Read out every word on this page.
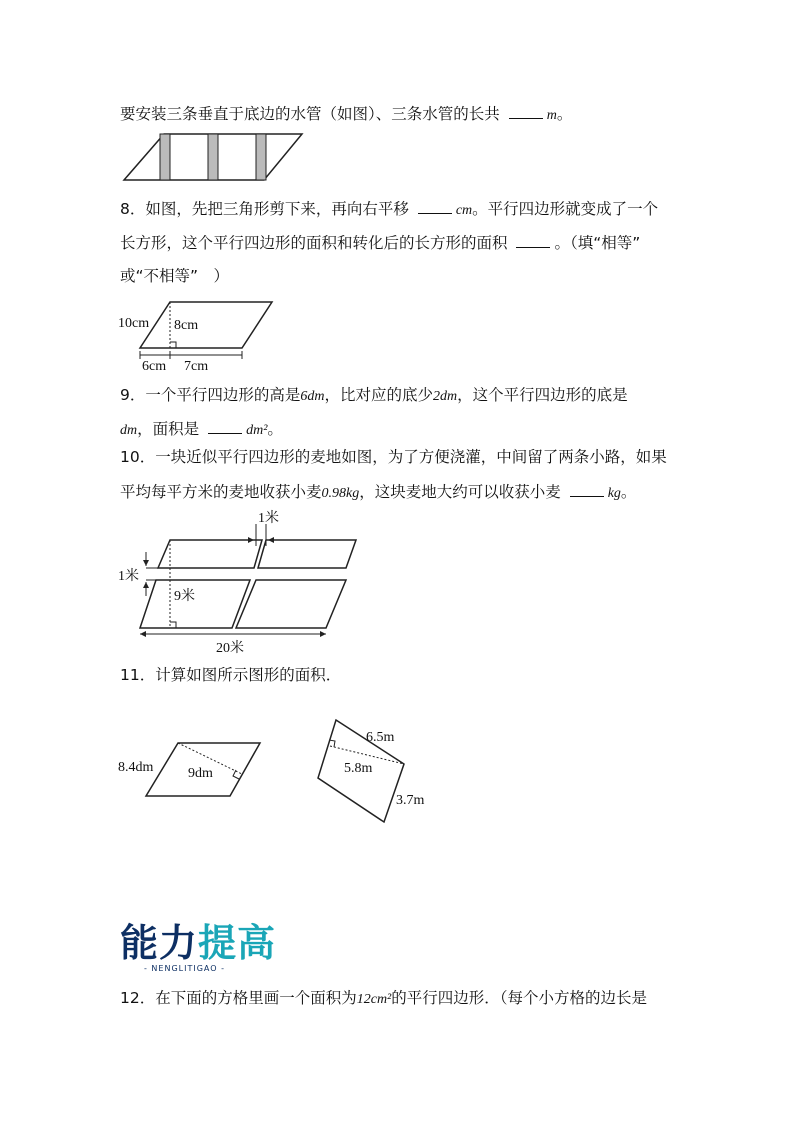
要安装三条垂直于底边的水管（如图）、三条水管的长共	m。
8．如图，先把三角形剪下来，再向右平移	cm。平行四边形就变成了一个
长方形，这个平行四边形的面积和转化后的长方形的面积	。（填“相等”
或“不相等”　）
10cm 8cm
6cm 7cm
9．一个平行四边形的高是6dm，比对应的底少2dm，这个平行四边形的底是
dm，面积是	dm²。
10．一块近似平行四边形的麦地如图，为了方便浇灌，中间留了两条小路，如果
平均每平方米的麦地收获小麦0.98kg，这块麦地大约可以收获小麦	kg。
1米
1米
9米
20米
11．计算如图所示图形的面积．
8.4dm 9dm
6.5m
5.8m
3.7m
能力提高
- NENGLITIGAO -
12．在下面的方格里画一个面积为12cm²的平行四边形．（每个小方格的边长是
